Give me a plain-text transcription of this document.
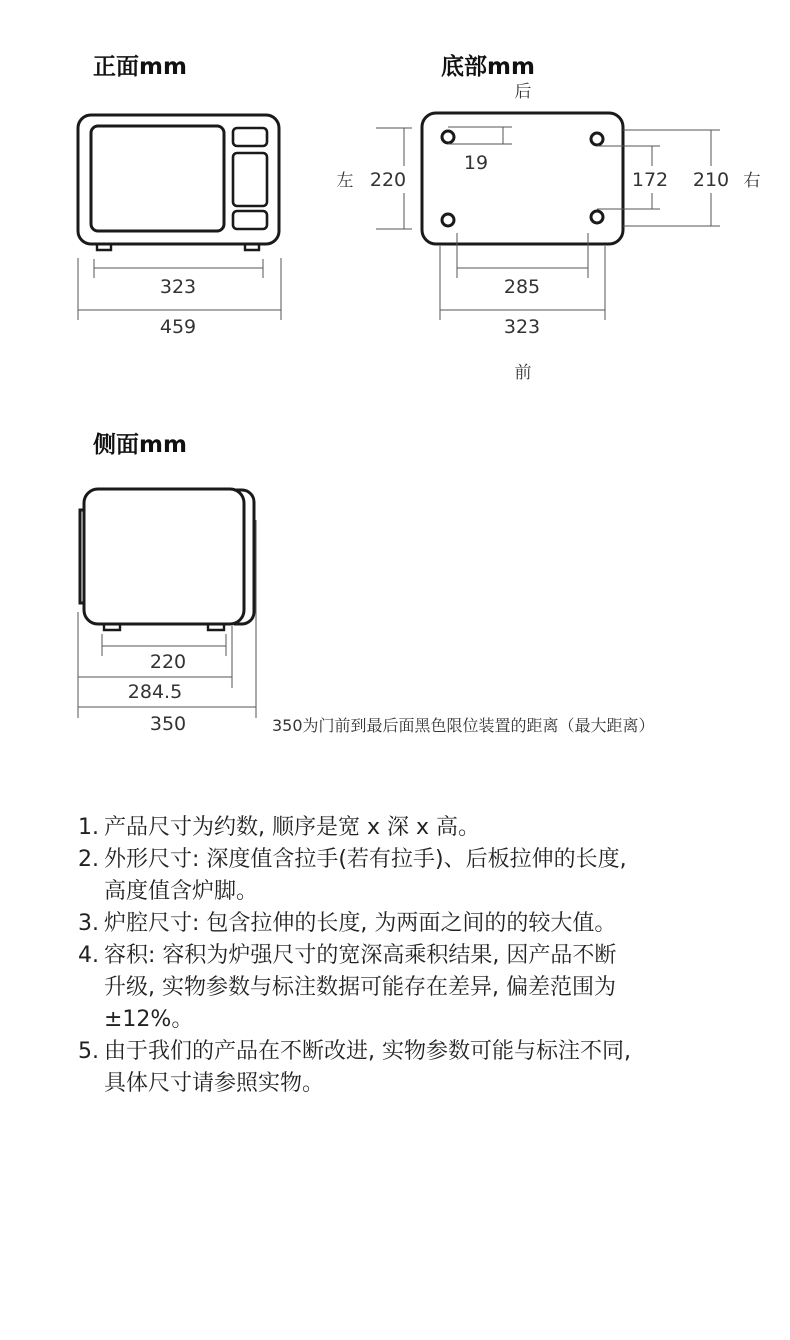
正面mm	底部mm
侧面mm
323
459
后
前
左	右
220
19
172 210
285
323
220
284.5
350	350为门前到最后面黑色限位装置的距离（最大距离）

1. 产品尺寸为约数, 顺序是宽 x 深 x 高。

2. 外形尺寸: 深度值含拉手(若有拉手)、后板拉伸的长度,
高度值含炉脚。

3. 炉腔尺寸: 包含拉伸的长度, 为两面之间的的较大值。

4. 容积: 容积为炉强尺寸的宽深高乘积结果, 因产品不断
升级, 实物参数与标注数据可能存在差异, 偏差范围为
±12%。

5. 由于我们的产品在不断改进, 实物参数可能与标注不同,
具体尺寸请参照实物。
